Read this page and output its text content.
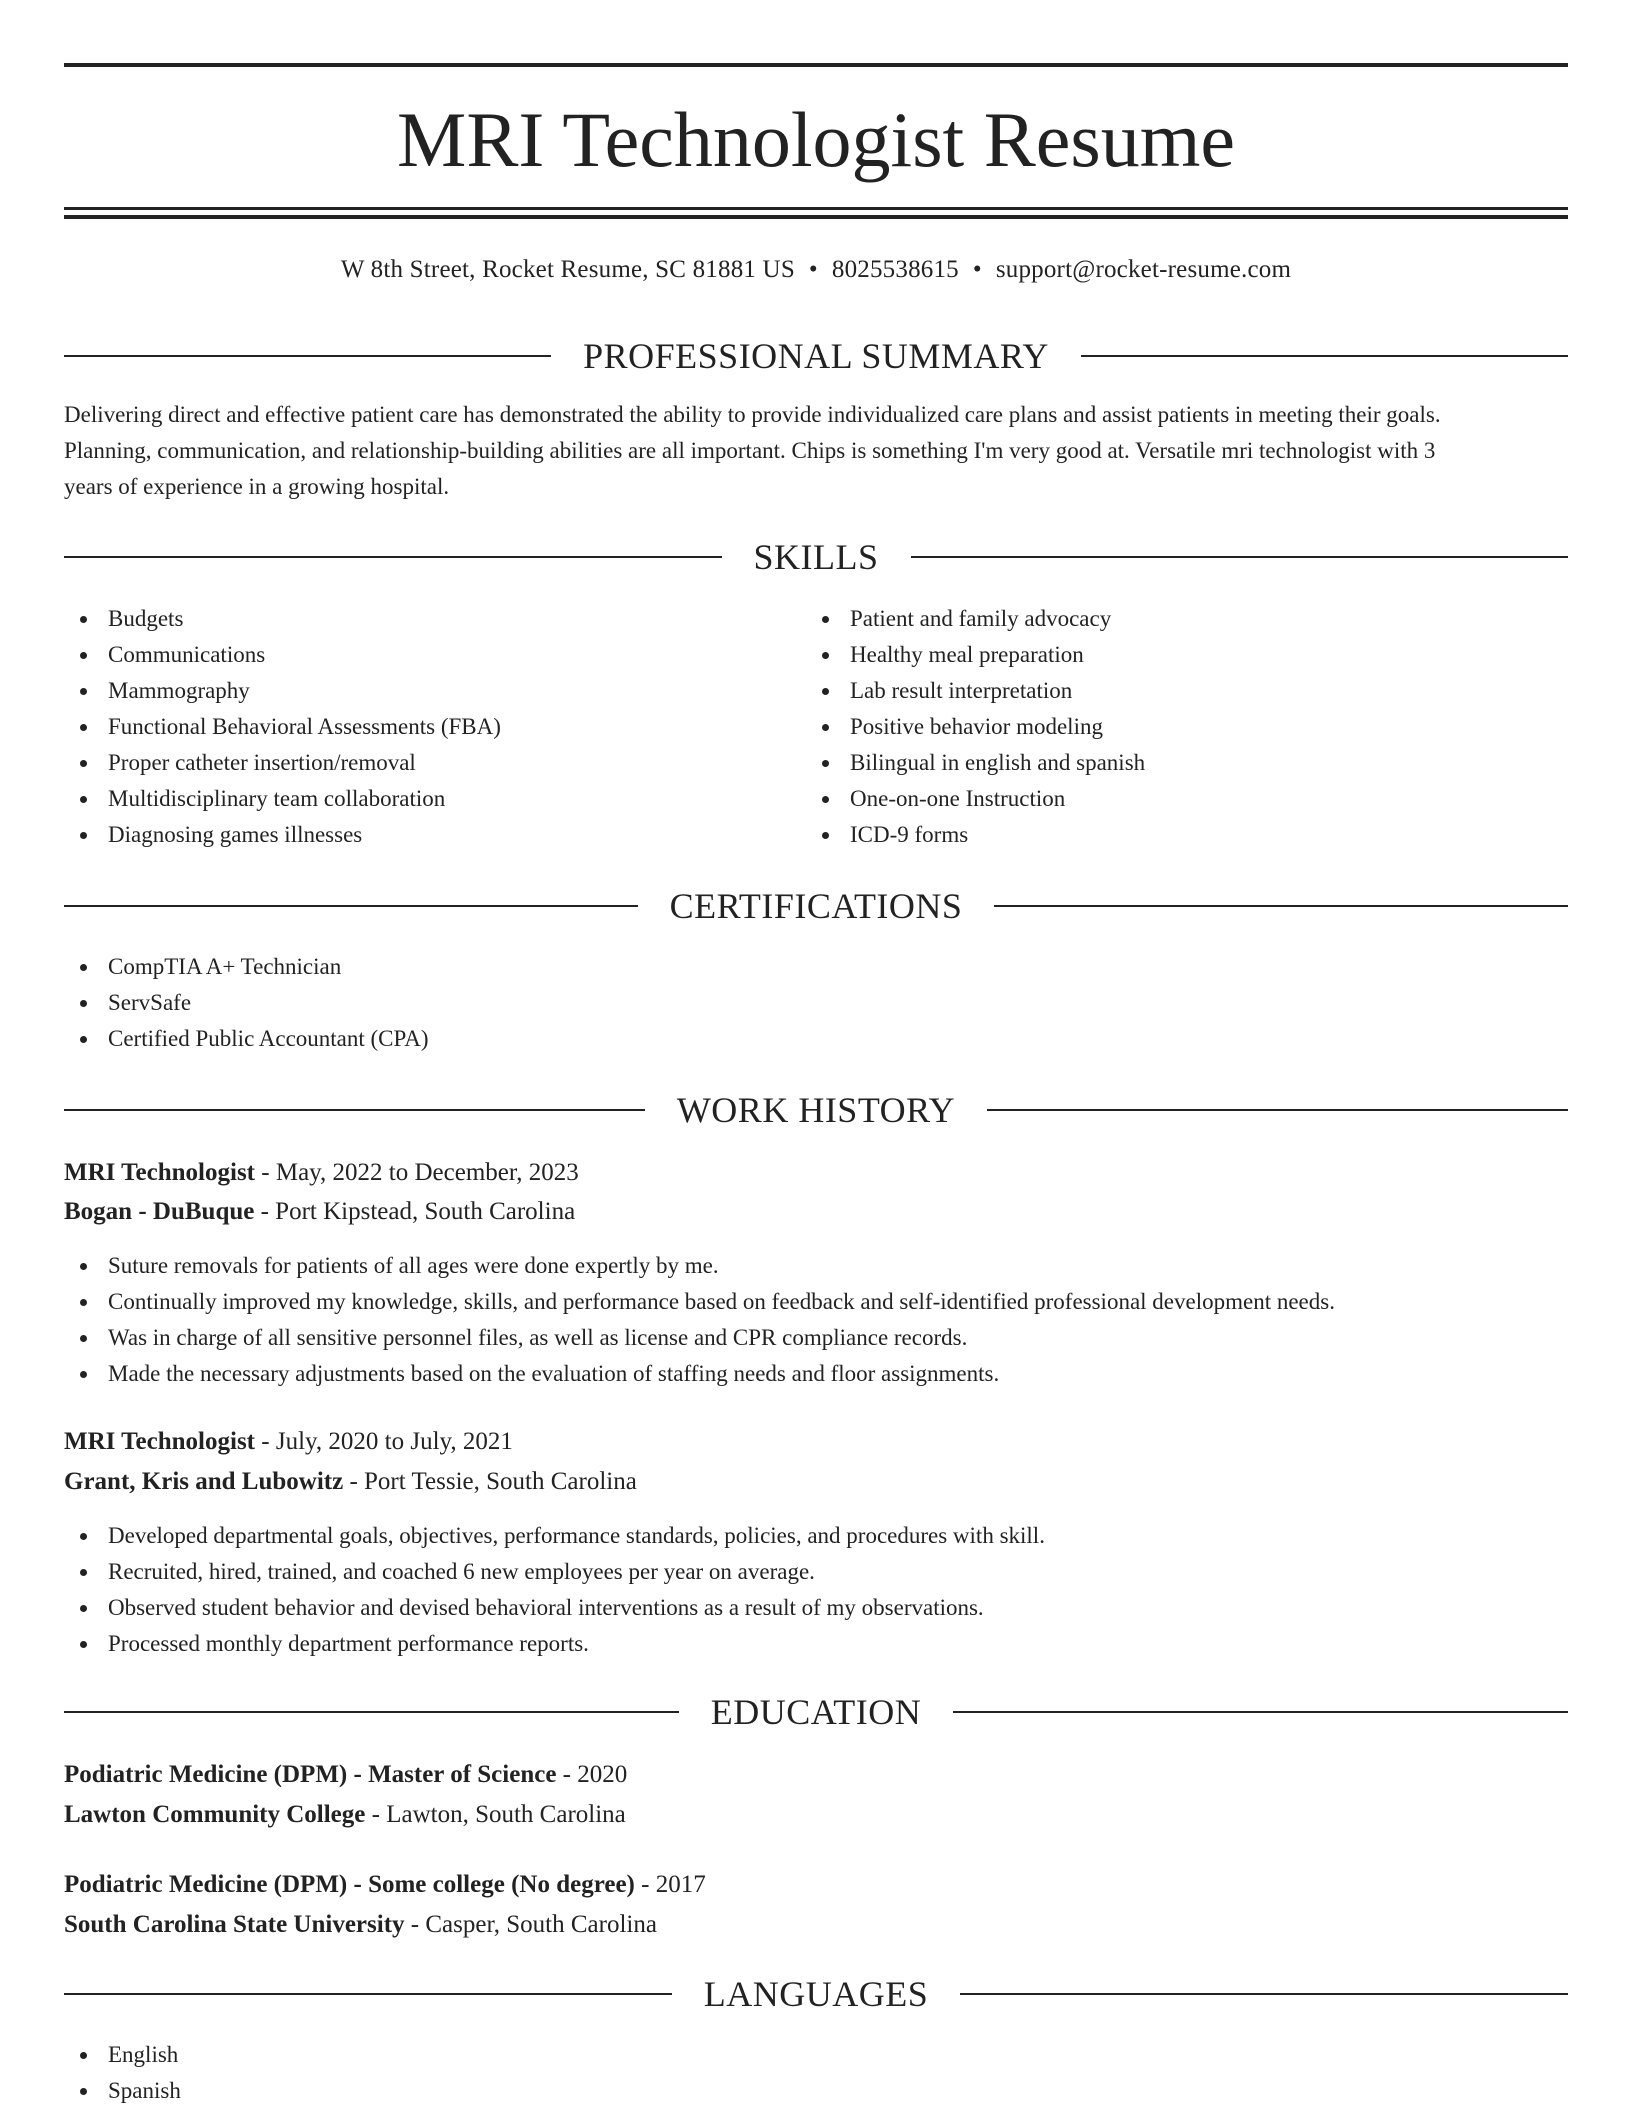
MRI Technologist Resume
W 8th Street, Rocket Resume, SC 81881 US • 8025538615 • support@rocket-resume.com
PROFESSIONAL SUMMARY
Delivering direct and effective patient care has demonstrated the ability to provide individualized care plans and assist patients in meeting their goals.
Planning, communication, and relationship-building abilities are all important. Chips is something I'm very good at. Versatile mri technologist with 3
years of experience in a growing hospital.
SKILLS
Budgets
Communications
Mammography
Functional Behavioral Assessments (FBA)
Proper catheter insertion/removal
Multidisciplinary team collaboration
Diagnosing games illnesses
Patient and family advocacy
Healthy meal preparation
Lab result interpretation
Positive behavior modeling
Bilingual in english and spanish
One-on-one Instruction
ICD-9 forms
CERTIFICATIONS
CompTIA A+ Technician
ServSafe
Certified Public Accountant (CPA)
WORK HISTORY
MRI Technologist - May, 2022 to December, 2023
Bogan - DuBuque - Port Kipstead, South Carolina
Suture removals for patients of all ages were done expertly by me.
Continually improved my knowledge, skills, and performance based on feedback and self-identified professional development needs.
Was in charge of all sensitive personnel files, as well as license and CPR compliance records.
Made the necessary adjustments based on the evaluation of staffing needs and floor assignments.
MRI Technologist - July, 2020 to July, 2021
Grant, Kris and Lubowitz - Port Tessie, South Carolina
Developed departmental goals, objectives, performance standards, policies, and procedures with skill.
Recruited, hired, trained, and coached 6 new employees per year on average.
Observed student behavior and devised behavioral interventions as a result of my observations.
Processed monthly department performance reports.
EDUCATION
Podiatric Medicine (DPM) - Master of Science - 2020
Lawton Community College - Lawton, South Carolina
Podiatric Medicine (DPM) - Some college (No degree) - 2017
South Carolina State University - Casper, South Carolina
LANGUAGES
English
Spanish
